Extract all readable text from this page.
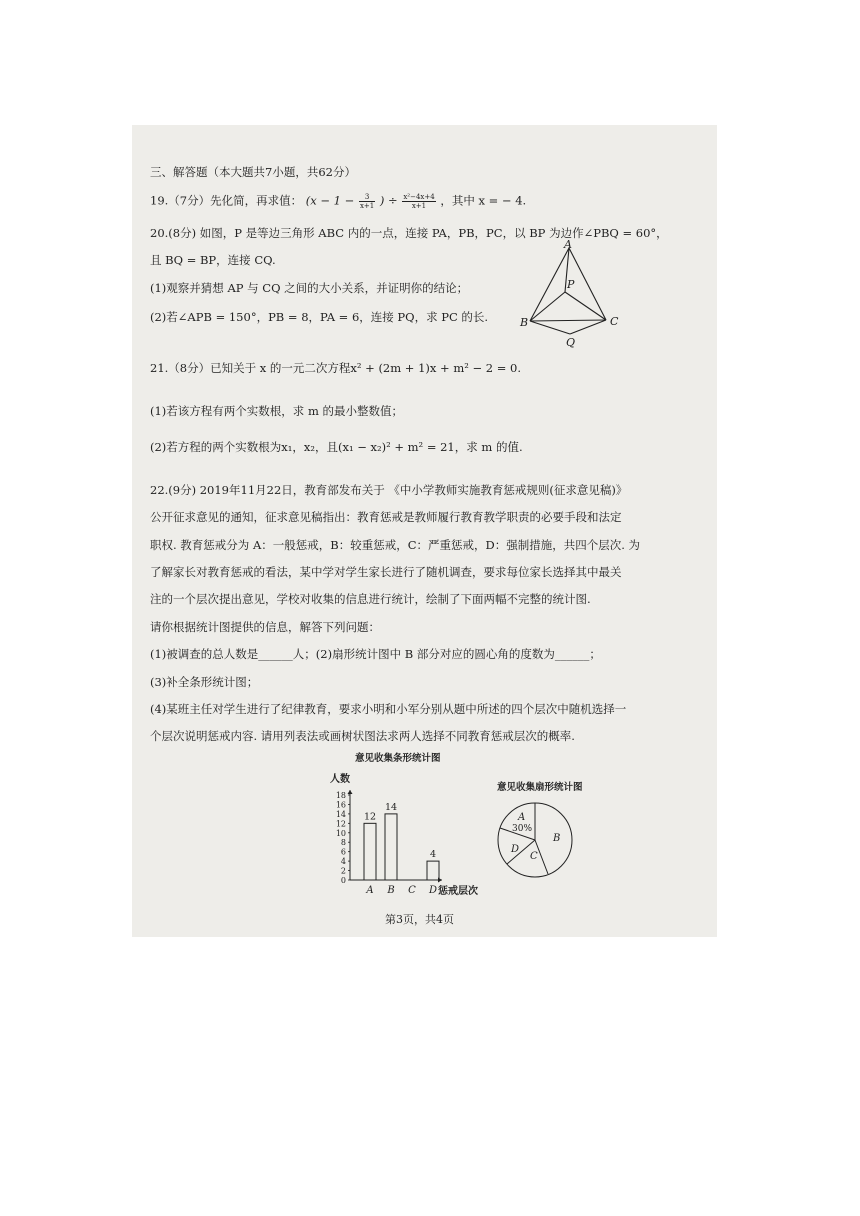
三、解答题（本大题共7小题，共62分）
19.（7分）先化简，再求值： ($x - 1 - \frac{3}{x+1}$ ) ÷ $\frac{\text{x²−4x+4}}{x+1}$ ，其中 x = − 4.
20.(8分) 如图，P 是等边三角形 ABC 内的一点，连接 PA，PB，PC，以 BP 为边作∠PBQ = 60°，
且 BQ = BP，连接 CQ.
(1)观察并猜想 AP 与 CQ 之间的大小关系，并证明你的结论；
(2)若∠APB = 150°，PB = 8，PA = 6，连接 PQ，求 PC 的长.
A
P
B	C
Q
21.（8分）已知关于 x 的一元二次方程x² + (2m + 1)x + m² − 2 = 0.
(1)若该方程有两个实数根，求 m 的最小整数值；
(2)若方程的两个实数根为x₁，x₂，且(x₁ − x₂)² + m² = 21，求 m 的值.
22.(9分) 2019年11月22日，教育部发布关于 《中小学教师实施教育惩戒规则(征求意见稿)》
公开征求意见的通知，征求意见稿指出：教育惩戒是教师履行教育教学职责的必要手段和法定
职权. 教育惩戒分为 A：一般惩戒，B：较重惩戒，C：严重惩戒，D：强制措施，共四个层次. 为
了解家长对教育惩戒的看法，某中学对学生家长进行了随机调查，要求每位家长选择其中最关
注的一个层次提出意见，学校对收集的信息进行统计，绘制了下面两幅不完整的统计图.
请你根据统计图提供的信息，解答下列问题：
(1)被调查的总人数是______人；(2)扇形统计图中 B 部分对应的圆心角的度数为______；
(3)补全条形统计图；
(4)某班主任对学生进行了纪律教育，要求小明和小军分别从题中所述的四个层次中随机选择一
个层次说明惩戒内容. 请用列表法或画树状图法求两人选择不同教育惩戒层次的概率.
意见收集条形统计图
人数
0
2
4
6
8
10
12
14
16
18
12
14
4
A B C D 惩戒层次
意见收集扇形统计图
A
30%
B
C
D
第3页，共4页
